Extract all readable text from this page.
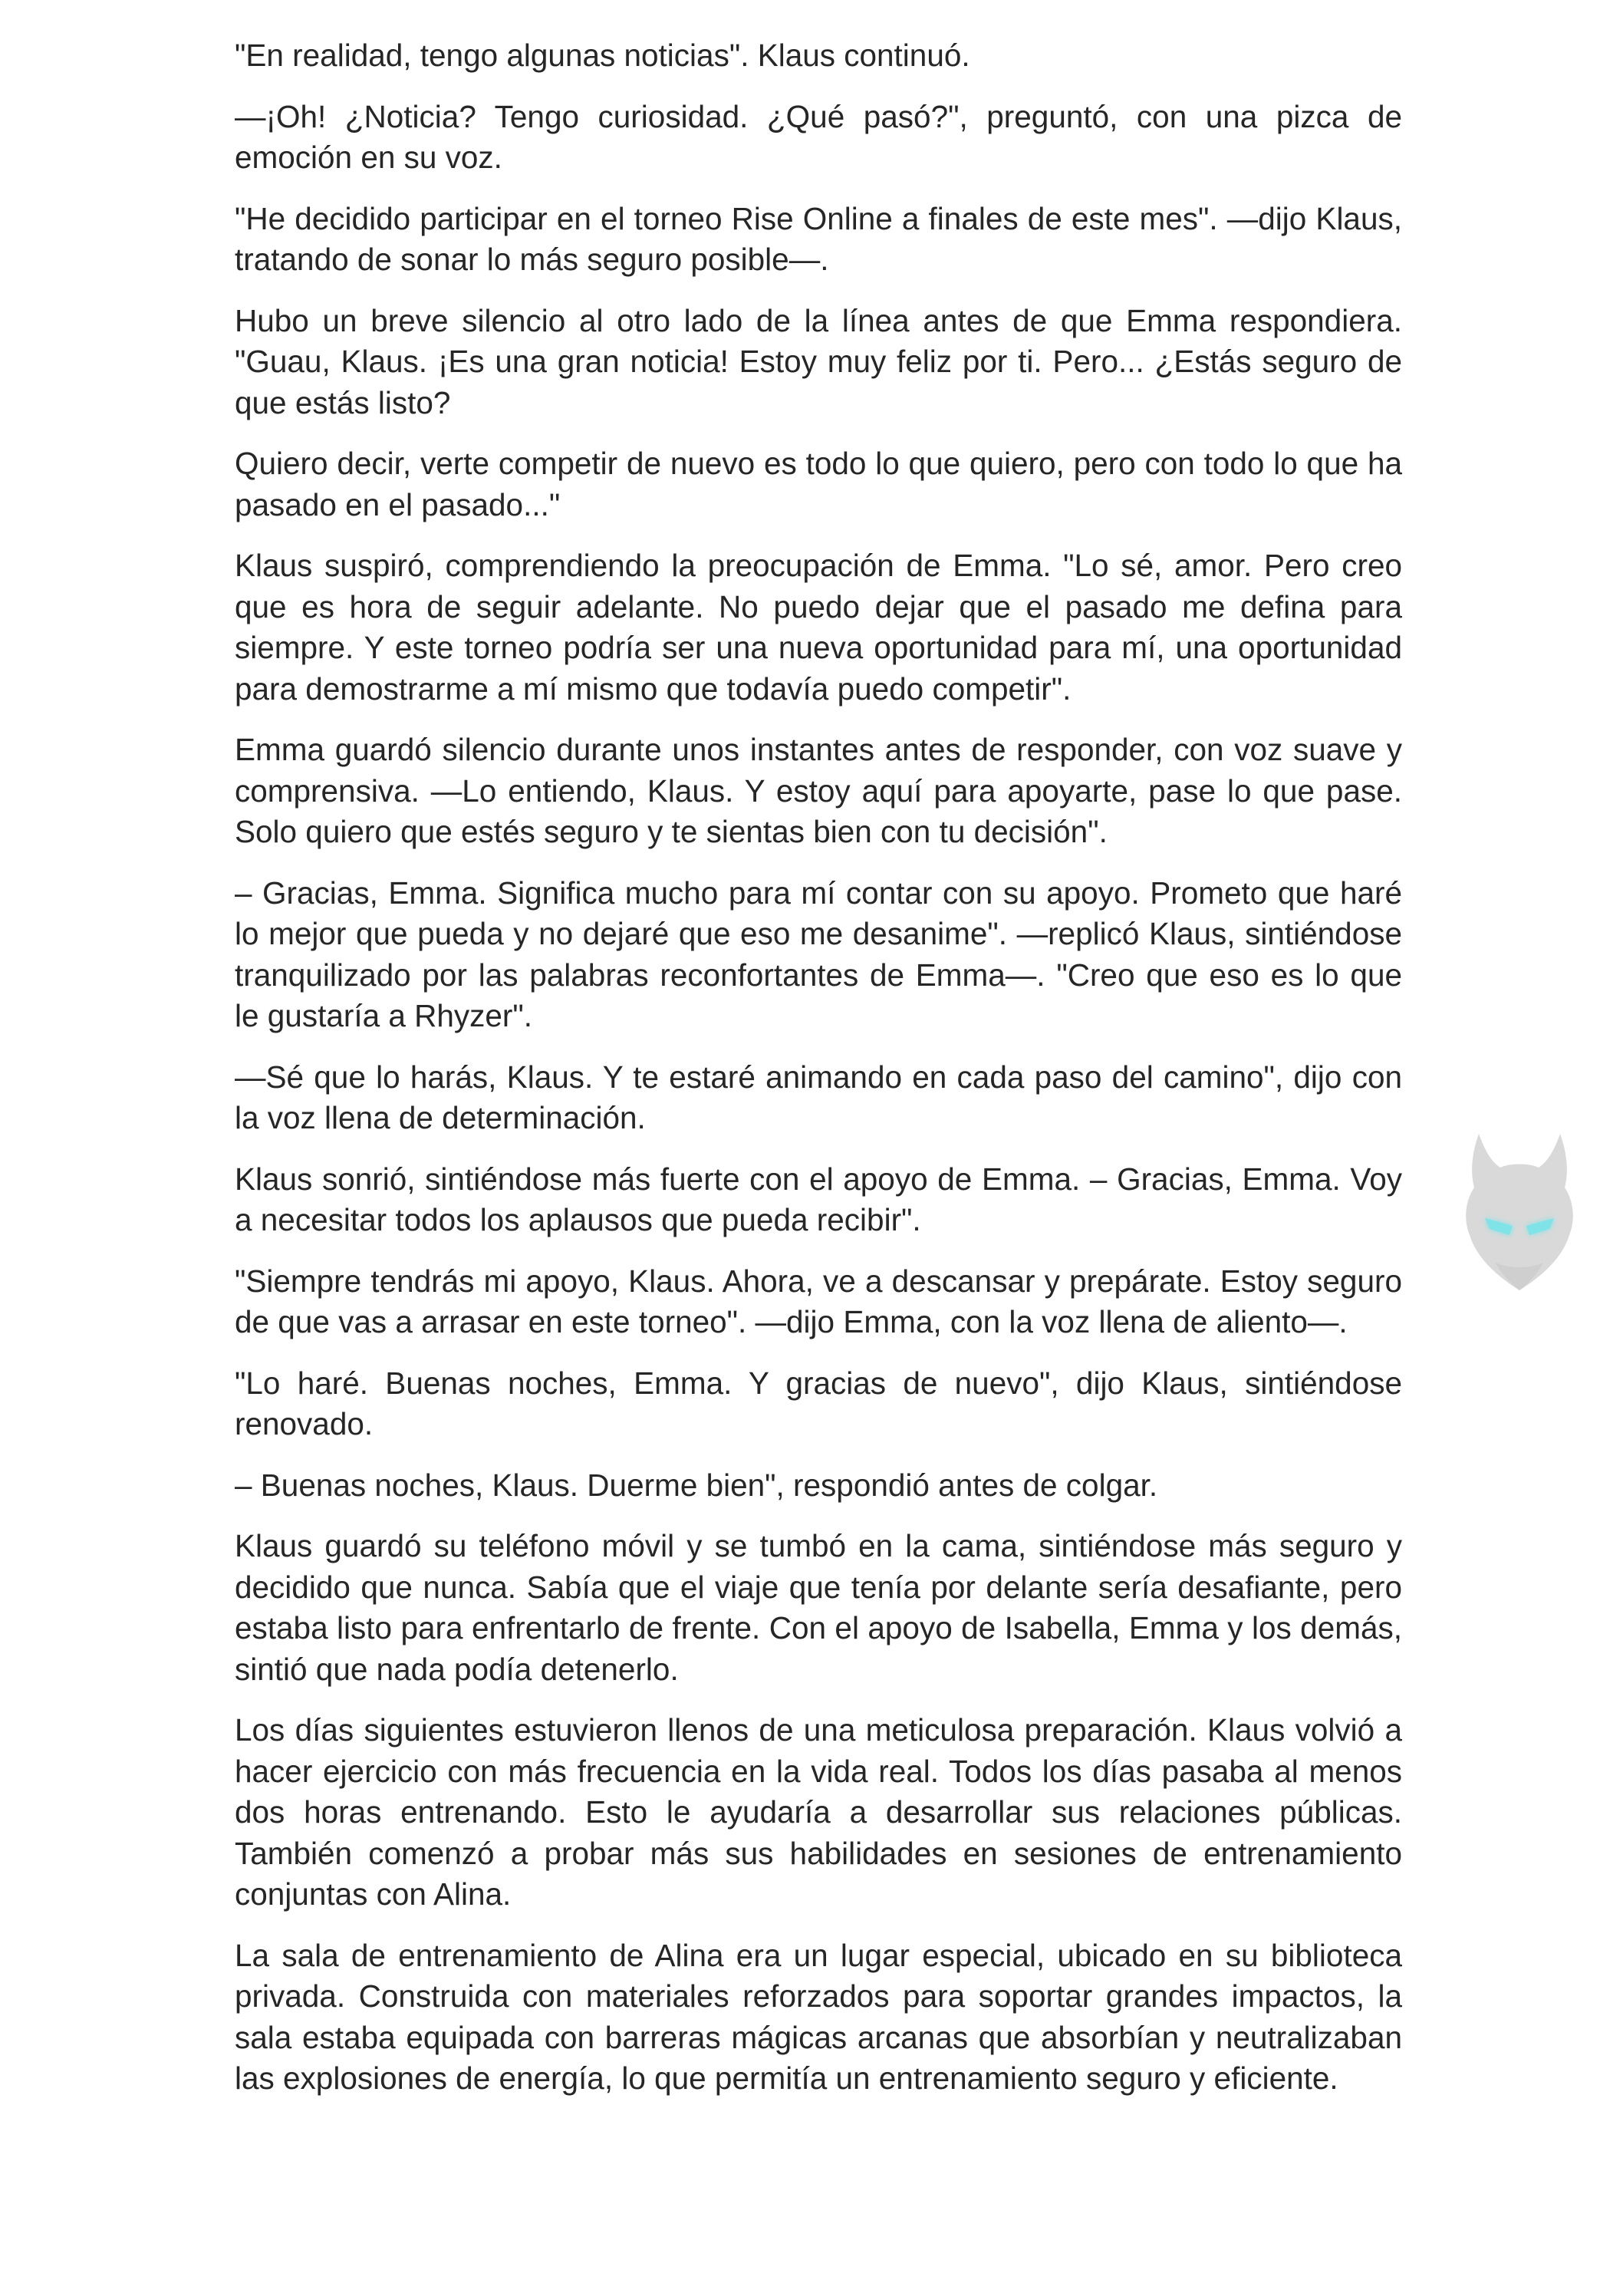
"En realidad, tengo algunas noticias". Klaus continuó.

—¡Oh! ¿Noticia? Tengo curiosidad. ¿Qué pasó?", preguntó, con una pizca de emoción en su voz.

"He decidido participar en el torneo Rise Online a finales de este mes". —dijo Klaus, tratando de sonar lo más seguro posible—.

Hubo un breve silencio al otro lado de la línea antes de que Emma respondiera. "Guau, Klaus. ¡Es una gran noticia! Estoy muy feliz por ti. Pero... ¿Estás seguro de que estás listo?

Quiero decir, verte competir de nuevo es todo lo que quiero, pero con todo lo que ha pasado en el pasado..."

Klaus suspiró, comprendiendo la preocupación de Emma. "Lo sé, amor. Pero creo que es hora de seguir adelante. No puedo dejar que el pasado me defina para siempre. Y este torneo podría ser una nueva oportunidad para mí, una oportunidad para demostrarme a mí mismo que todavía puedo competir".

Emma guardó silencio durante unos instantes antes de responder, con voz suave y comprensiva. —Lo entiendo, Klaus. Y estoy aquí para apoyarte, pase lo que pase. Solo quiero que estés seguro y te sientas bien con tu decisión".

– Gracias, Emma. Significa mucho para mí contar con su apoyo. Prometo que haré lo mejor que pueda y no dejaré que eso me desanime". —replicó Klaus, sintiéndose tranquilizado por las palabras reconfortantes de Emma—. "Creo que eso es lo que le gustaría a Rhyzer".

—Sé que lo harás, Klaus. Y te estaré animando en cada paso del camino", dijo con la voz llena de determinación.

Klaus sonrió, sintiéndose más fuerte con el apoyo de Emma. – Gracias, Emma. Voy a necesitar todos los aplausos que pueda recibir".

"Siempre tendrás mi apoyo, Klaus. Ahora, ve a descansar y prepárate. Estoy seguro de que vas a arrasar en este torneo". —dijo Emma, con la voz llena de aliento—.

"Lo haré. Buenas noches, Emma. Y gracias de nuevo", dijo Klaus, sintiéndose renovado.

– Buenas noches, Klaus. Duerme bien", respondió antes de colgar.

Klaus guardó su teléfono móvil y se tumbó en la cama, sintiéndose más seguro y decidido que nunca. Sabía que el viaje que tenía por delante sería desafiante, pero estaba listo para enfrentarlo de frente. Con el apoyo de Isabella, Emma y los demás, sintió que nada podía detenerlo.

Los días siguientes estuvieron llenos de una meticulosa preparación. Klaus volvió a hacer ejercicio con más frecuencia en la vida real. Todos los días pasaba al menos dos horas entrenando. Esto le ayudaría a desarrollar sus relaciones públicas. También comenzó a probar más sus habilidades en sesiones de entrenamiento conjuntas con Alina.

La sala de entrenamiento de Alina era un lugar especial, ubicado en su biblioteca privada. Construida con materiales reforzados para soportar grandes impactos, la sala estaba equipada con barreras mágicas arcanas que absorbían y neutralizaban las explosiones de energía, lo que permitía un entrenamiento seguro y eficiente.
